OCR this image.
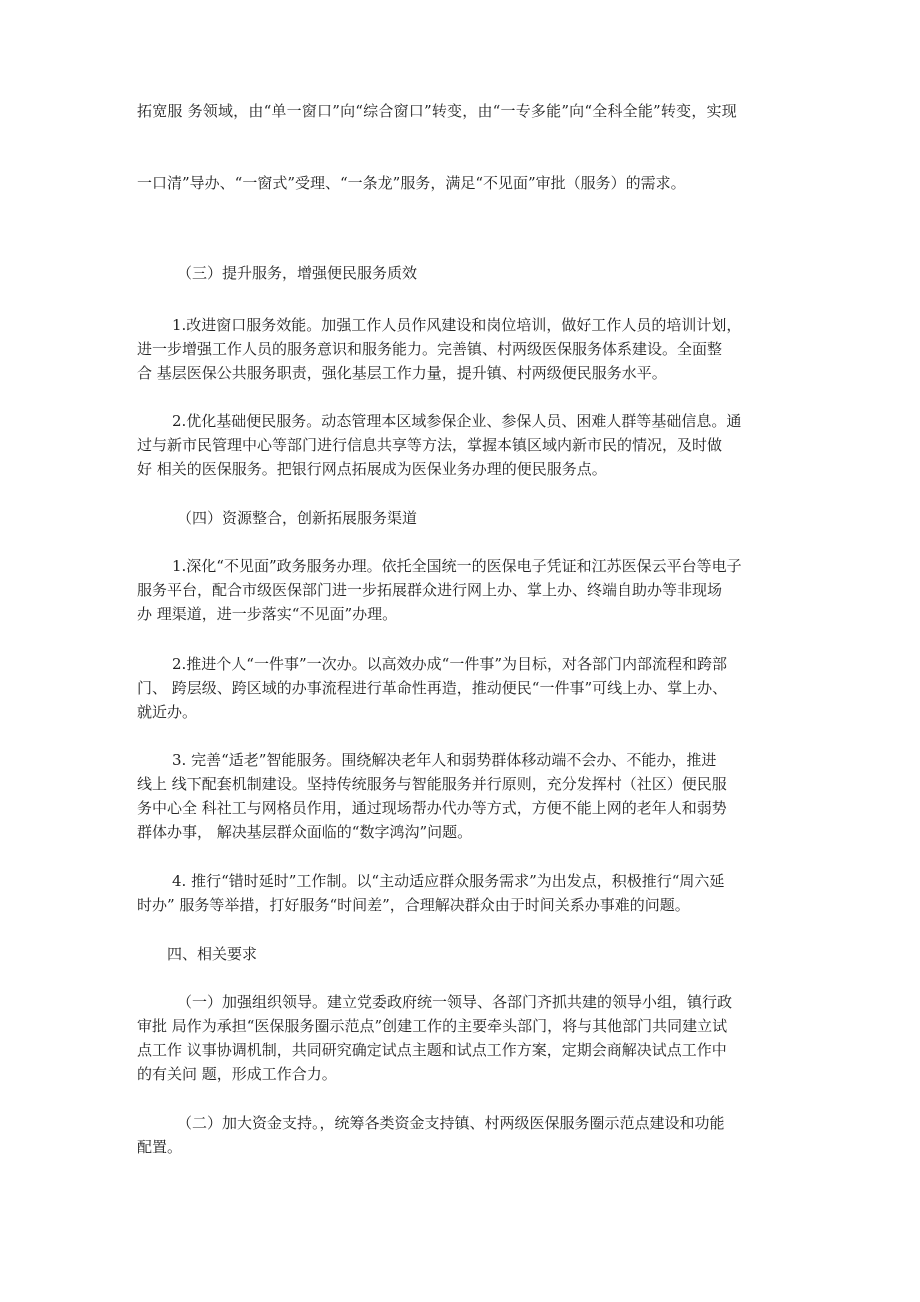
拓宽服 务领域，由“单一窗口”向“综合窗口”转变，由“一专多能”向“全科全能”转变，实现
一口清”导办、“一窗式”受理、“一条龙”服务，满足“不见面”审批（服务）的需求。
（三）提升服务，增强便民服务质效
1.改进窗口服务效能。加强工作人员作风建设和岗位培训，做好工作人员的培训计划，
进一步增强工作人员的服务意识和服务能力。完善镇、村两级医保服务体系建设。全面整
合 基层医保公共服务职责，强化基层工作力量，提升镇、村两级便民服务水平。
2.优化基础便民服务。动态管理本区域参保企业、参保人员、困难人群等基础信息。通
过与新市民管理中心等部门进行信息共享等方法，掌握本镇区域内新市民的情况，及时做
好 相关的医保服务。把银行网点拓展成为医保业务办理的便民服务点。
（四）资源整合，创新拓展服务渠道
1.深化“不见面”政务服务办理。依托全国统一的医保电子凭证和江苏医保云平台等电子
服务平台，配合市级医保部门进一步拓展群众进行网上办、掌上办、终端自助办等非现场
办 理渠道，进一步落实“不见面”办理。
2.推进个人“一件事”一次办。以高效办成“一件事”为目标，对各部门内部流程和跨部
门、 跨层级、跨区域的办事流程进行革命性再造，推动便民“一件事”可线上办、掌上办、
就近办。
3. 完善“适老”智能服务。围绕解决老年人和弱势群体移动端不会办、不能办，推进
线上 线下配套机制建设。坚持传统服务与智能服务并行原则，充分发挥村（社区）便民服
务中心全 科社工与网格员作用，通过现场帮办代办等方式，方便不能上网的老年人和弱势
群体办事， 解决基层群众面临的“数字鸿沟”问题。
4. 推行“错时延时”工作制。以“主动适应群众服务需求”为出发点，积极推行“周六延
时办” 服务等举措，打好服务“时间差”，合理解决群众由于时间关系办事难的问题。
四、相关要求
（一）加强组织领导。建立党委政府统一领导、各部门齐抓共建的领导小组，镇行政
审批 局作为承担“医保服务圈示范点”创建工作的主要牵头部门，将与其他部门共同建立试
点工作 议事协调机制，共同研究确定试点主题和试点工作方案，定期会商解决试点工作中
的有关问 题，形成工作合力。
（二）加大资金支持。，统筹各类资金支持镇、村两级医保服务圈示范点建设和功能
配置。
